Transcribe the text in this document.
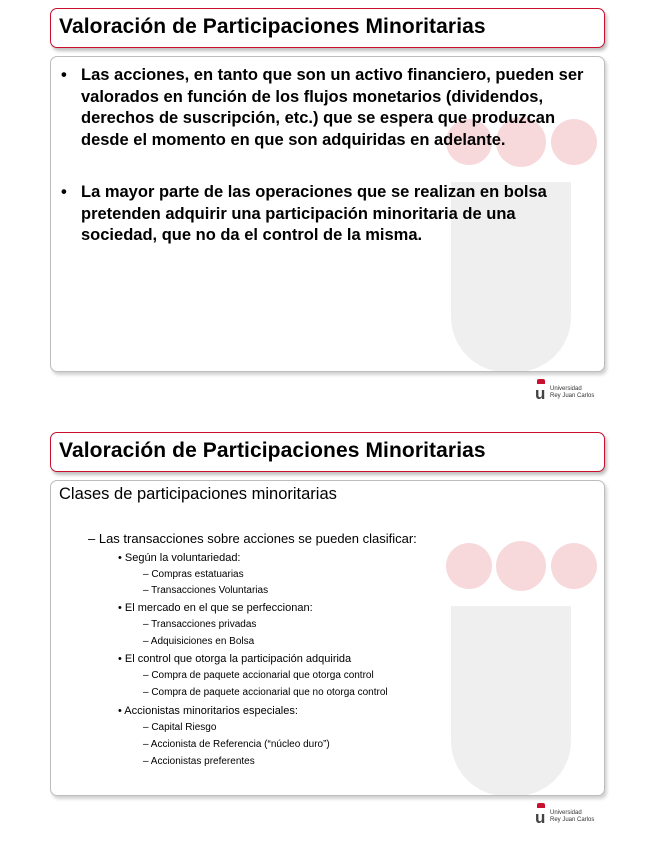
Valoración de Participaciones Minoritarias
• Las acciones, en tanto que son un activo financiero, pueden ser valorados en función de los flujos monetarios (dividendos, derechos de suscripción, etc.) que se espera que produzcan desde el momento en que son adquiridas en adelante.
• La mayor parte de las operaciones que se realizan en bolsa pretenden adquirir una participación minoritaria de una sociedad, que no da el control de la misma.
u Universidad
Rey Juan Carlos
Valoración de Participaciones Minoritarias
Clases de participaciones minoritarias
– Las transacciones sobre acciones se pueden clasificar:
• Según la voluntariedad:
– Compras estatuarias
– Transacciones Voluntarias
• El mercado en el que se perfeccionan:
– Transacciones privadas
– Adquisiciones en Bolsa
• El control que otorga la participación adquirida
– Compra de paquete accionarial que otorga control
– Compra de paquete accionarial que no otorga control
• Accionistas minoritarios especiales:
– Capital Riesgo
– Accionista de Referencia (“núcleo duro”)
– Accionistas preferentes
u Universidad
Rey Juan Carlos
